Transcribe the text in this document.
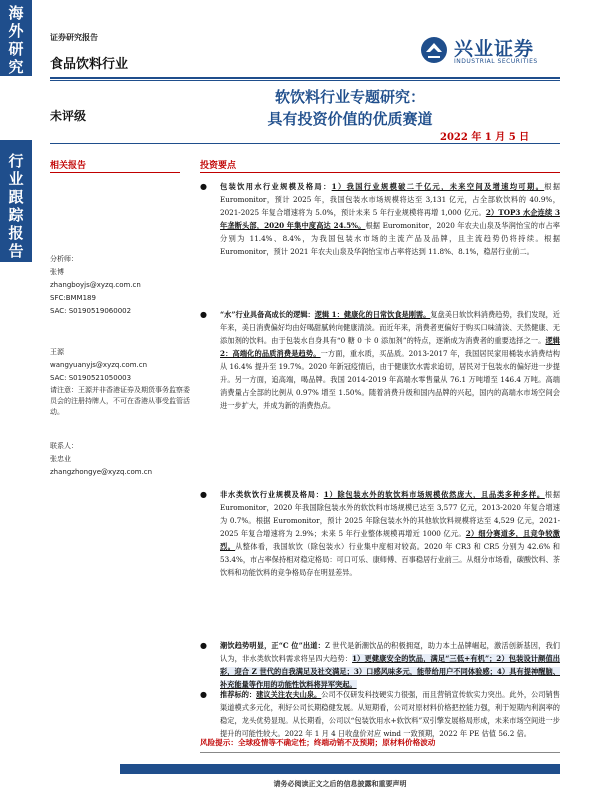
海
外
研
究
行
业
跟
踪
报
告
证券研究报告
食品饮料行业
兴业证券
INDUSTRIAL SECURITIES
软饮料行业专题研究：
具有投资价值的优质赛道
未评级
2022 年 1 月 5 日
相关报告	投资要点
分析师：
张博
zhangboyjs@xyzq.com.cn
SFC:BMM189
SAC: S0190519060002
王源
wangyuanyjs@xyzq.com.cn
SAC: S0190521050003
请注意：王源并非香港证券及期货事务监察委员会的注册持牌人，不可在香港从事受监管活动。
联系人：
张忠业
zhangzhongye@xyzq.com.cn
● 包装饮用水行业规模及格局：1）我国行业规模破二千亿元，未来空间及增速均可期。根据 Euromonitor，预计 2025 年，我国包装水市场规模将达至 3,131 亿元，占全部软饮料的 40.9%，2021-2025 年复合增速将为 5.0%，预计未来 5 年行业规模将再增 1,000 亿元。2）TOP3 水企连续 3 年垄断头部，2020 年集中度高达 24.5%。根据 Euromonitor，2020 年农夫山泉及华润怡宝的市占率分别为 11.4%、8.4%，为我国包装水市场的主流产品及品牌，且主流趋势仍将持续。根据 Euromonitor，预计 2021 年农夫山泉及华润怡宝市占率将达到 11.8%、8.1%，稳居行业前二。
● “水”行业具备高成长的逻辑：逻辑 1：健康化的日常饮食是刚需。复盘美日软饮料消费趋势，我们发现，近年来，美日消费偏好均由好喝甜腻转向健康清淡。而近年来，消费者更偏好于购买口味清淡、天然健康、无添加剂的饮料。由于包装水自身具有“0 糖 0 卡 0 添加剂”的特点，逐渐成为消费者的重要选择之一。逻辑 2：高端化的品质消费是趋势。一方面，重水质，买品质。2013-2017 年，我国居民家用桶装水消费结构从 16.4% 提升至 19.7%。2020 年新冠疫情后，由于健康饮水需求追切，居民对于包装水的偏好进一步提升。另一方面，追高端，喝品牌。我国 2014-2019 年高端水零售量从 76.1 万吨增至 146.4 万吨。高端消费量占全部的比例从 0.97% 增至 1.50%。随着消费升级和国内品牌的兴起，国内的高端水市场空间会进一步扩大，并成为新的消费热点。
● 非水类软饮行业规模及格局：1）除包装水外的软饮料市场规模依然庞大，且品类多种多样。根据 Euromonitor，2020 年我国除包装水外的软饮料市场规模已达至 3,577 亿元，2013-2020 年复合增速为 0.7%。根据 Euromonitor，预计 2025 年除包装水外的其他软饮料规模将达至 4,529 亿元，2021-2025 年复合增速将为 2.9%；未来 5 年行业整体规模再增近 1000 亿元。2）细分赛道多，且竞争较激烈。从整体看，我国软饮（除包装水）行业集中度相对较高。2020 年 CR3 和 CR5 分别为 42.6% 和 53.4%，市占率保持相对稳定格局：可口可乐、康师傅、百事稳居行业前三。从细分市场看，碳酸饮料、茶饮料和功能饮料的竞争格局存在明显差异。
● 潮饮趋势明显，正“C 位”出道：Z 世代是新潮饮品的积极拥趸，助力本土品牌崛起，激活创新基因，我们认为，非水类软饮料需求将呈四大趋势：1）更健康安全的饮品，满足“三低+有机”；2）包装设计颜值出彩，迎合 Z 世代的自我满足及社交满足；3）口感风味多元，能带给用户不同体验感；4）具有提神醒脑、补充能量等作用的功能性饮料将异军突起。
● 推荐标的：建议关注农夫山泉。公司不仅研发科技硬实力很强，而且营销宣传软实力突出。此外，公司销售渠道模式多元化，利好公司长期稳健发展。从短期看，公司对原材料价格把控能力强，利于短期内利润率的稳定，龙头优势显现。从长期看，公司以“包装饮用水+软饮料”双引擎发展格局形成，未来市场空间进一步提升的可能性较大。2022 年 1 月 4 日收盘价对应 wind 一致预期，2022 年 PE 估值 56.2 倍。
风险提示：全球疫情等不确定性；终端动销不及预期；原材料价格波动
请务必阅读正文之后的信息披露和重要声明
